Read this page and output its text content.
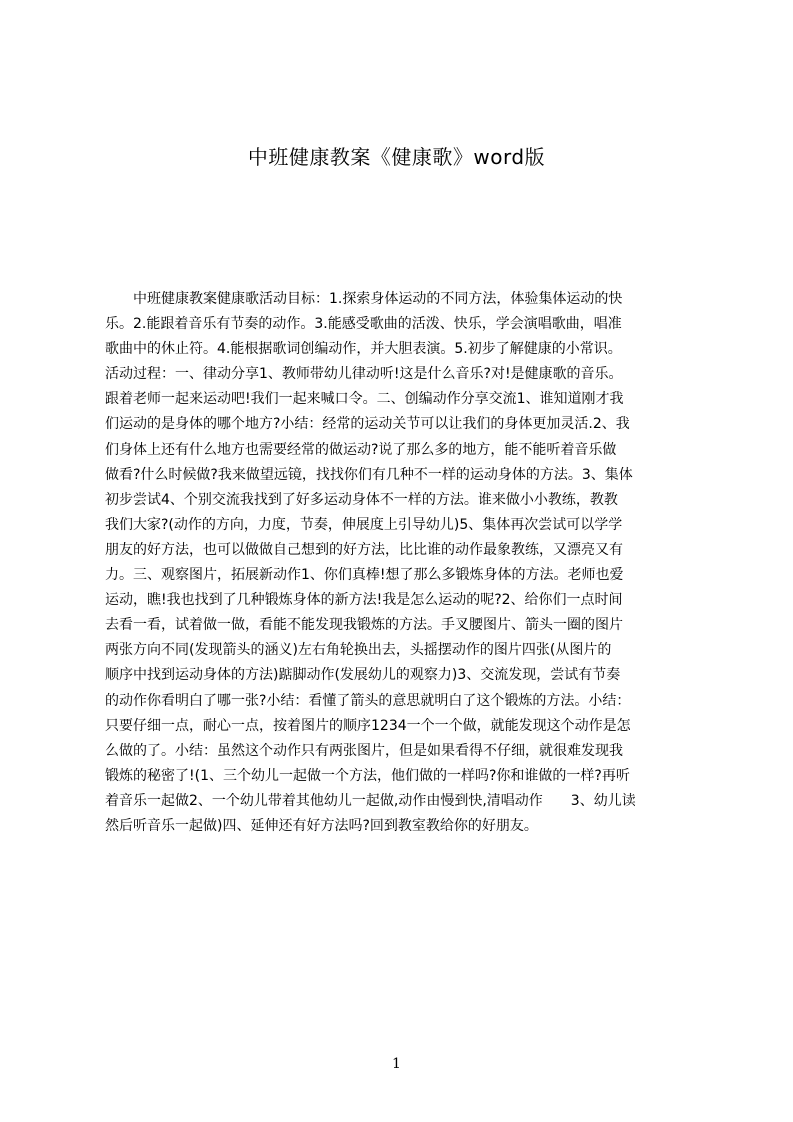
中班健康教案《健康歌》word版
　　中班健康教案健康歌活动目标：1.探索身体运动的不同方法，体验集体运动的快
乐。2.能跟着音乐有节奏的动作。3.能感受歌曲的活泼、快乐，学会演唱歌曲，唱准
歌曲中的休止符。4.能根据歌词创编动作，并大胆表演。5.初步了解健康的小常识。
活动过程：一、律动分享1、教师带幼儿律动听!这是什么音乐?对!是健康歌的音乐。
跟着老师一起来运动吧!我们一起来喊口令。二、创编动作分享交流1、谁知道刚才我
们运动的是身体的哪个地方?小结：经常的运动关节可以让我们的身体更加灵活.2、我
们身体上还有什么地方也需要经常的做运动?说了那么多的地方，能不能听着音乐做
做看?什么时候做?我来做望远镜，找找你们有几种不一样的运动身体的方法。3、集体
初步尝试4、个别交流我找到了好多运动身体不一样的方法。谁来做小小教练，教教
我们大家?(动作的方向，力度，节奏，伸展度上引导幼儿)5、集体再次尝试可以学学
朋友的好方法，也可以做做自己想到的好方法，比比谁的动作最象教练，又漂亮又有
力。三、观察图片，拓展新动作1、你们真棒!想了那么多锻炼身体的方法。老师也爱
运动，瞧!我也找到了几种锻炼身体的新方法!我是怎么运动的呢?2、给你们一点时间
去看一看，试着做一做，看能不能发现我锻炼的方法。手叉腰图片、箭头一圈的图片
两张方向不同(发现箭头的涵义)左右角轮换出去，头摇摆动作的图片四张(从图片的
顺序中找到运动身体的方法)踮脚动作(发展幼儿的观察力)3、交流发现，尝试有节奏
的动作你看明白了哪一张?小结：看懂了箭头的意思就明白了这个锻炼的方法。小结：
只要仔细一点，耐心一点，按着图片的顺序1234一个一个做，就能发现这个动作是怎
么做的了。小结：虽然这个动作只有两张图片，但是如果看得不仔细，就很难发现我
锻炼的秘密了!(1、三个幼儿一起做一个方法，他们做的一样吗?你和谁做的一样?再听
着音乐一起做2、一个幼儿带着其他幼儿一起做,动作由慢到快,清唱动作　　3、幼儿读
然后听音乐一起做)四、延伸还有好方法吗?回到教室教给你的好朋友。
1
